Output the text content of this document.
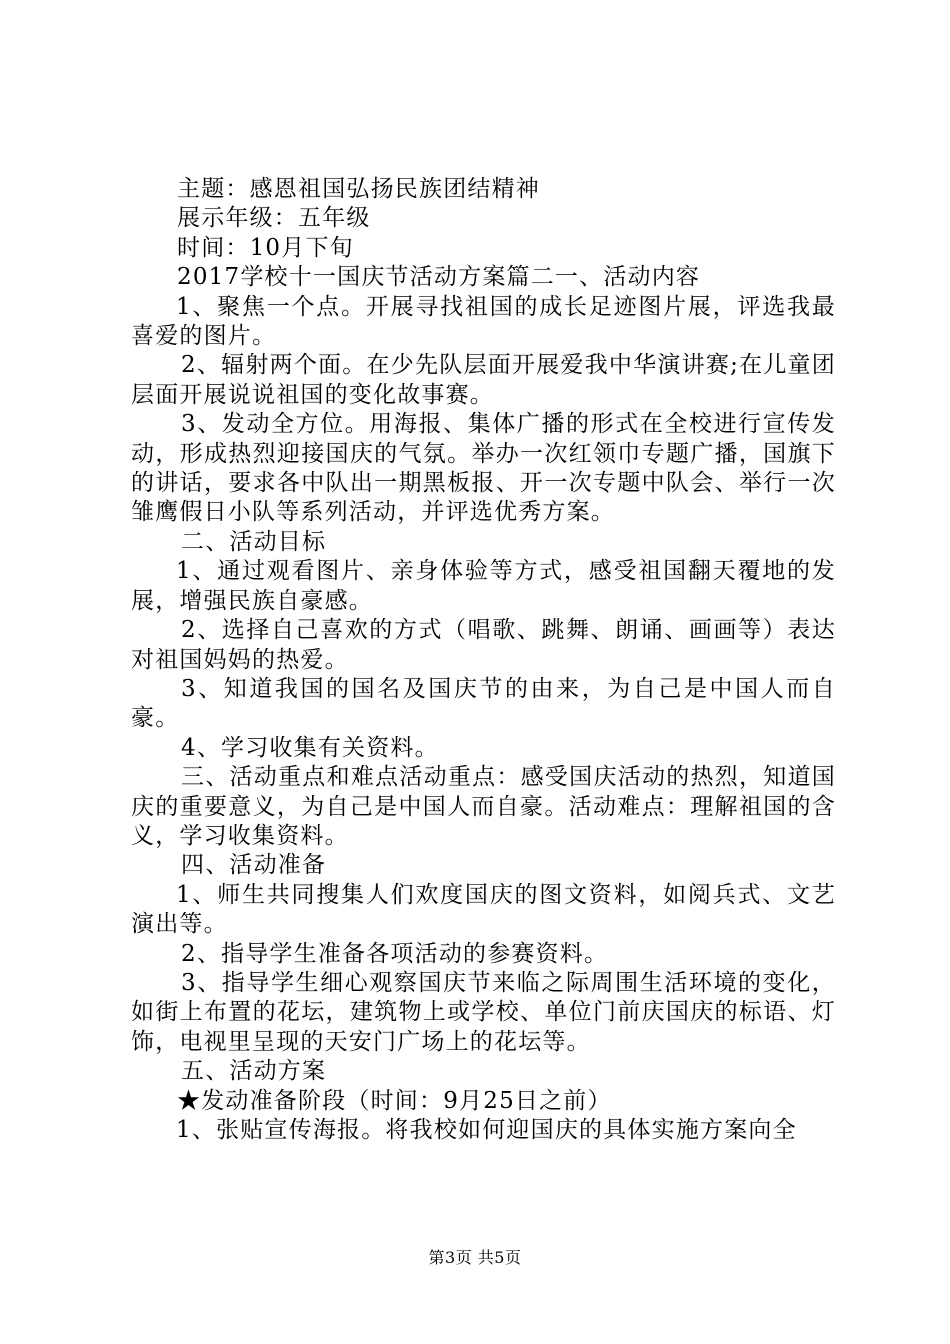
主题：感恩祖国弘扬民族团结精神

展示年级：五年级

时间：10月下旬

2017学校十一国庆节活动方案篇二一、活动内容

1、聚焦一个点。开展寻找祖国的成长足迹图片展，评选我最喜爱的图片。

2、辐射两个面。在少先队层面开展爱我中华演讲赛;在儿童团层面开展说说祖国的变化故事赛。

3、发动全方位。用海报、集体广播的形式在全校进行宣传发动，形成热烈迎接国庆的气氛。举办一次红领巾专题广播，国旗下的讲话，要求各中队出一期黑板报、开一次专题中队会、举行一次雏鹰假日小队等系列活动，并评选优秀方案。

二、活动目标

1、通过观看图片、亲身体验等方式，感受祖国翻天覆地的发展，增强民族自豪感。

2、选择自己喜欢的方式（唱歌、跳舞、朗诵、画画等）表达对祖国妈妈的热爱。

3、知道我国的国名及国庆节的由来，为自己是中国人而自豪。

4、学习收集有关资料。

三、活动重点和难点活动重点：感受国庆活动的热烈，知道国庆的重要意义，为自己是中国人而自豪。活动难点：理解祖国的含义，学习收集资料。

四、活动准备

1、师生共同搜集人们欢度国庆的图文资料，如阅兵式、文艺演出等。

2、指导学生准备各项活动的参赛资料。

3、指导学生细心观察国庆节来临之际周围生活环境的变化，如街上布置的花坛，建筑物上或学校、单位门前庆国庆的标语、灯饰，电视里呈现的天安门广场上的花坛等。

五、活动方案

★发动准备阶段（时间：9月25日之前）

1、张贴宣传海报。将我校如何迎国庆的具体实施方案向全

第3页 共5页
